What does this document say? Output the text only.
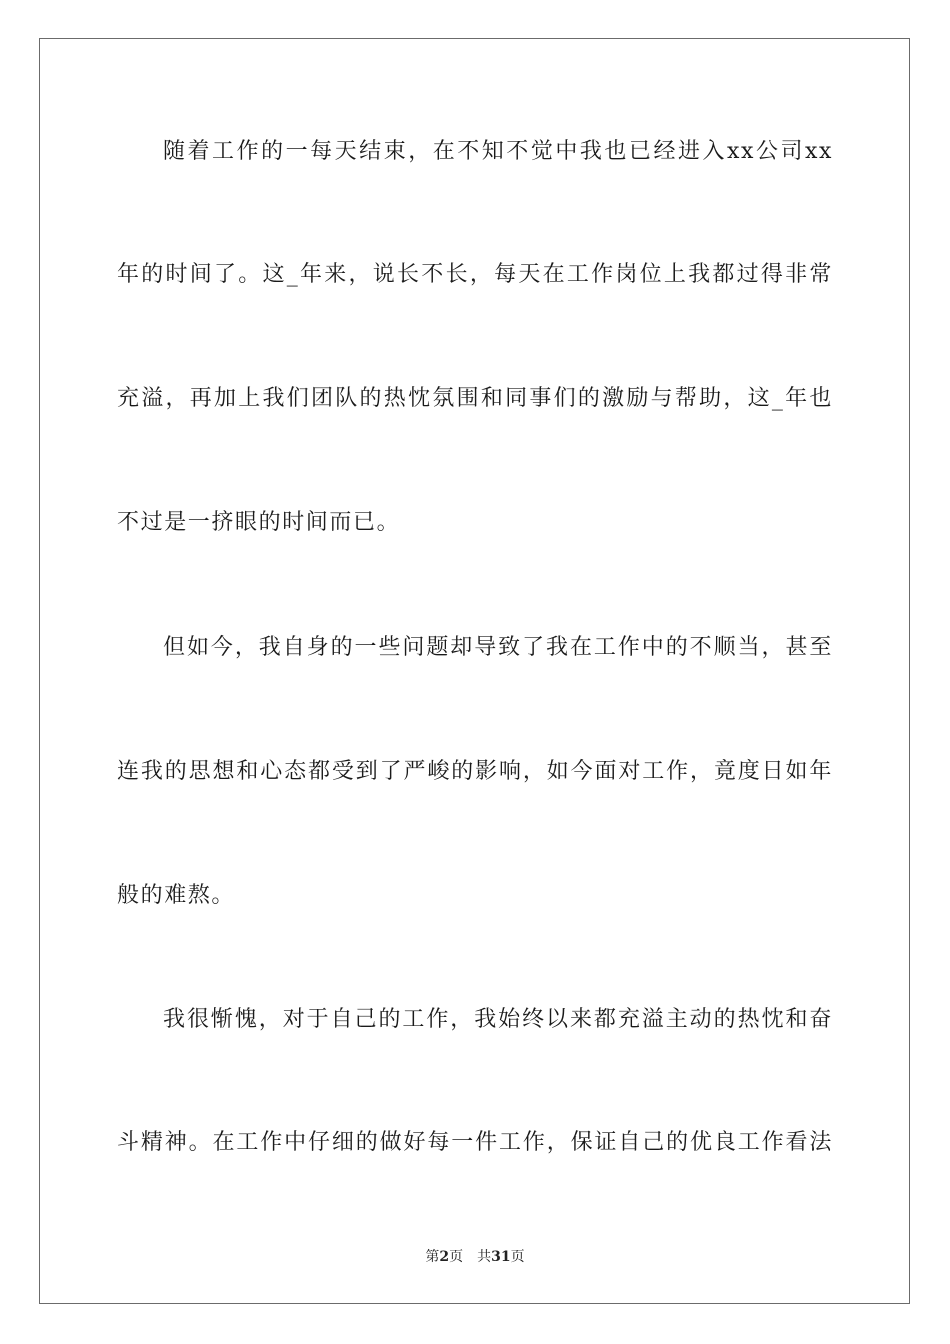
随着工作的一每天结束，在不知不觉中我也已经进入xx公司xx
年的时间了。这_年来，说长不长，每天在工作岗位上我都过得非常
充溢，再加上我们团队的热忱氛围和同事们的激励与帮助，这_年也
不过是一挤眼的时间而已。
但如今，我自身的一些问题却导致了我在工作中的不顺当，甚至
连我的思想和心态都受到了严峻的影响，如今面对工作，竟度日如年
般的难熬。
我很惭愧，对于自己的工作，我始终以来都充溢主动的热忱和奋
斗精神。在工作中仔细的做好每一件工作，保证自己的优良工作看法
第2页 共31页
